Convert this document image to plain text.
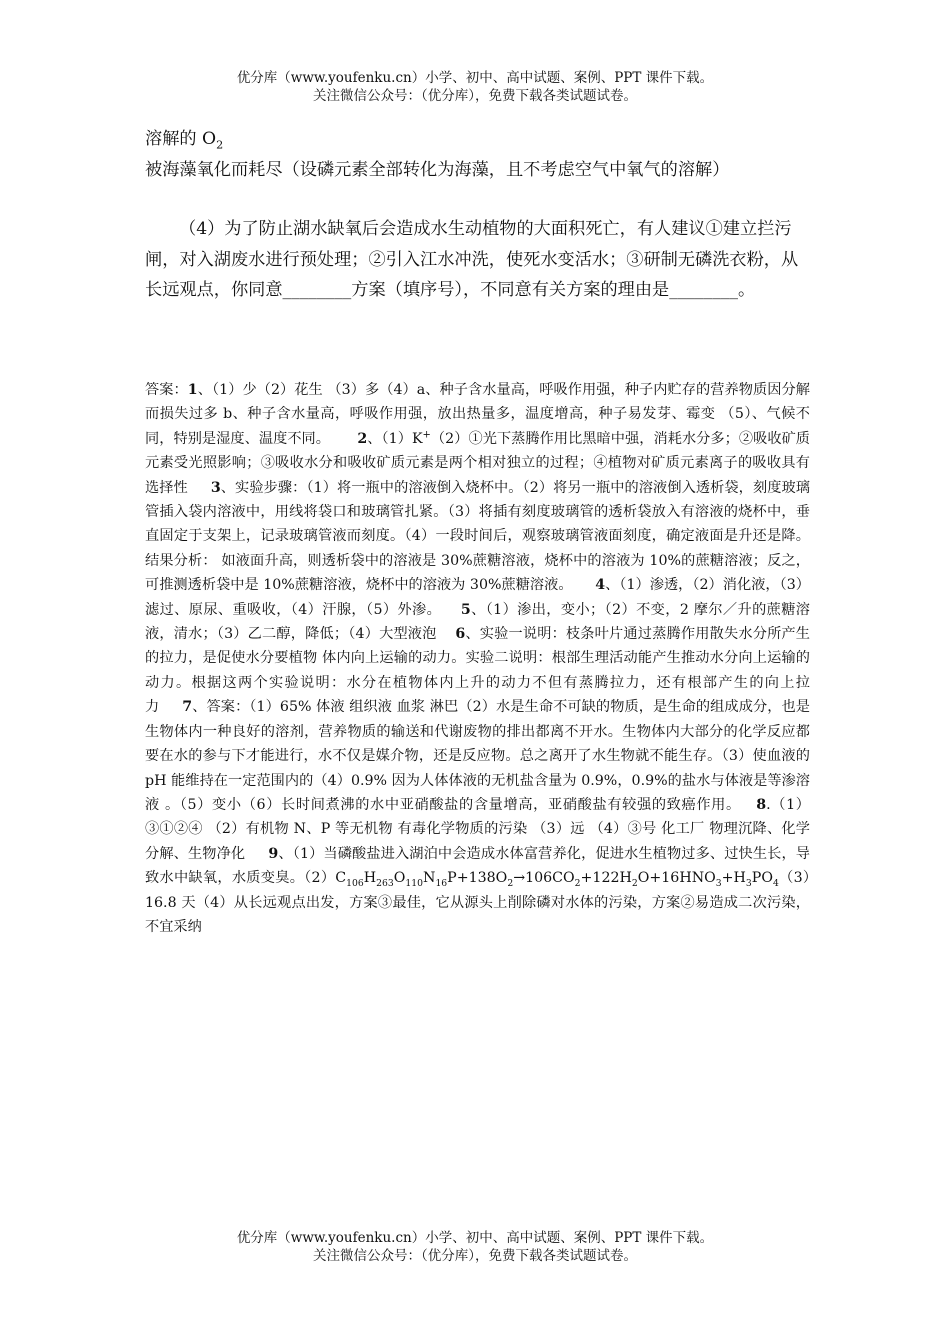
优分库（www.youfenku.cn）小学、初中、高中试题、案例、PPT 课件下载。
关注微信公众号：（优分库），免费下载各类试题试卷。
溶解的 $O_2$ 被海藻氧化而耗尽（设磷元素全部转化为海藻，且不考虑空气中氧气的溶解）
（4）为了防止湖水缺氧后会造成水生动植物的大面积死亡，有人建议①建立拦污闸，对入湖废水进行预处理；②引入江水冲洗，使死水变活水；③研制无磷洗衣粉，从长远观点，你同意________方案（填序号），不同意有关方案的理由是________。
答案：1、（1）少（2）花生 （3）多（4）a、种子含水量高，呼吸作用强，种子内贮存的营养物质因分解而损失过多 b、种子含水量高，呼吸作用强，放出热量多，温度增高，种子易发芽、霉变 （5）、气候不同，特别是湿度、温度不同。 2、（1）K+（2）①光下蒸腾作用比黑暗中强，消耗水分多；②吸收矿质元素受光照影响；③吸收水分和吸收矿质元素是两个相对独立的过程；④植物对矿质元素离子的吸收具有选择性 3、实验步骤：（1）将一瓶中的溶液倒入烧杯中。（2）将另一瓶中的溶液倒入透析袋，刻度玻璃管插入袋内溶液中，用线将袋口和玻璃管扎紧。（3）将插有刻度玻璃管的透析袋放入有溶液的烧杯中，垂直固定于支架上，记录玻璃管液而刻度。（4）一段时间后，观察玻璃管液面刻度，确定液面是升还是降。 结果分析： 如液面升高，则透析袋中的溶液是 30%蔗糖溶液，烧杯中的溶液为 10%的蔗糖溶液；反之，可推测透析袋中是 10%蔗糖溶液，烧杯中的溶液为 30%蔗糖溶液。 4、（1）渗透，（2）消化液，（3）滤过、原尿、重吸收，（4）汗腺，（5）外渗。 5、（1）渗出，变小；（2）不变，2 摩尔／升的蔗糖溶液，清水；（3）乙二醇，降低；（4）大型液泡 6、实验一说明：枝条叶片通过蒸腾作用散失水分所产生的拉力，是促使水分要植物 体内向上运输的动力。实验二说明：根部生理活动能产生推动水分向上运输的动力。根据这两个实验说明：水分在植物体内上升的动力不但有蒸腾拉力，还有根部产生的向上拉力 7、答案：（1）65% 体液 组织液 血浆 淋巴（2）水是生命不可缺的物质，是生命的组成成分，也是生物体内一种良好的溶剂，营养物质的输送和代谢废物的排出都离不开水。生物体内大部分的化学反应都要在水的参与下才能进行，水不仅是媒介物，还是反应物。总之离开了水生物就不能生存。（3）使血液的 pH 能维持在一定范围内的（4）0.9% 因为人体体液的无机盐含量为 0.9%，0.9%的盐水与体液是等渗溶液 。（5）变小（6）长时间煮沸的水中亚硝酸盐的含量增高，亚硝酸盐有较强的致癌作用。 8.（1）③①②④ （2）有机物 N、P 等无机物 有毒化学物质的污染 （3）远 （4）③号 化工厂 物理沉降、化学分解、生物净化 9、（1）当磷酸盐进入湖泊中会造成水体富营养化，促进水生植物过多、过快生长，导致水中缺氧，水质变臭。$(2)C_{106}H_{263}O_{110}N_{16}P+138O_2\to 106CO_2+122H_2O+16HNO_3+H_3PO_4(3)16.8$ 天（4）从长远观点出发，方案③最佳，它从源头上削除磷对水体的污染，方案②易造成二次污染，不宜采纳
优分库（www.youfenku.cn）小学、初中、高中试题、案例、PPT 课件下载。
关注微信公众号：（优分库），免费下载各类试题试卷。
